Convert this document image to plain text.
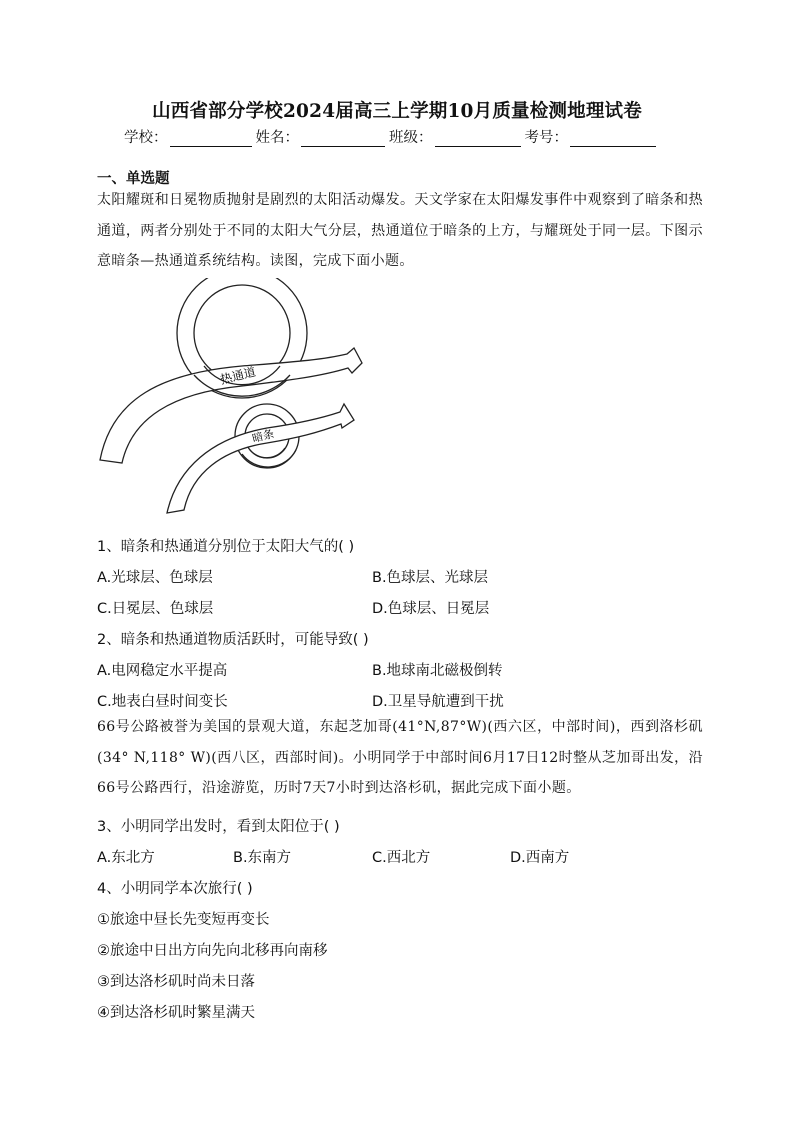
山西省部分学校2024届高三上学期10月质量检测地理试卷
学校：	姓名：	班级：	考号：
一、单选题
太阳耀斑和日冕物质抛射是剧烈的太阳活动爆发。天文学家在太阳爆发事件中观察到了暗条和热通道，两者分别处于不同的太阳大气分层，热通道位于暗条的上方，与耀斑处于同一层。下图示意暗条—热通道系统结构。读图，完成下面小题。
热通道
暗条
1、暗条和热通道分别位于太阳大气的( )
A.光球层、色球层	B.色球层、光球层
C.日冕层、色球层	D.色球层、日冕层
2、暗条和热通道物质活跃时，可能导致( )
A.电网稳定水平提高	B.地球南北磁极倒转
C.地表白昼时间变长	D.卫星导航遭到干扰
66号公路被誉为美国的景观大道，东起芝加哥(41°N,87°W)(西六区，中部时间)，西到洛杉矶(34° N,118° W)(西八区，西部时间)。小明同学于中部时间6月17日12时整从芝加哥出发，沿66号公路西行，沿途游览，历时7天7小时到达洛杉矶，据此完成下面小题。
3、小明同学出发时，看到太阳位于( )
A.东北方	B.东南方	C.西北方	D.西南方
4、小明同学本次旅行( )
①旅途中昼长先变短再变长
②旅途中日出方向先向北移再向南移
③到达洛杉矶时尚未日落
④到达洛杉矶时繁星满天
